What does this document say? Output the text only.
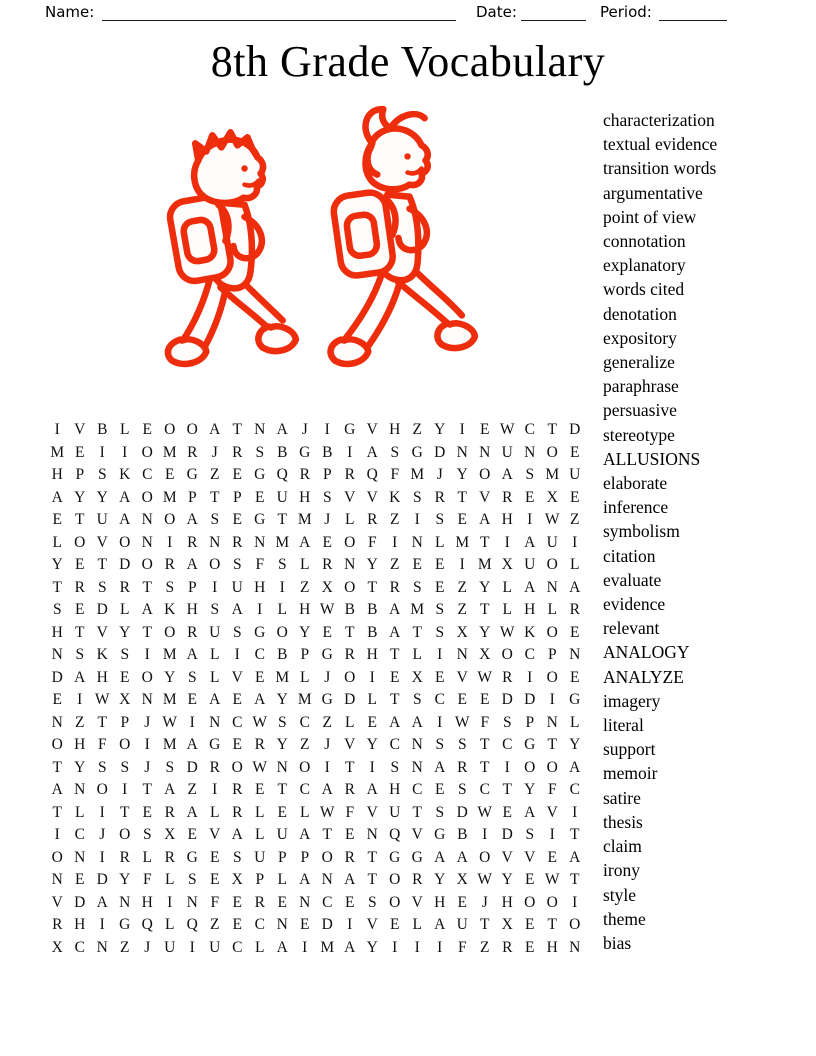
Name:	Date:	Period:
8th Grade Vocabulary
I V B L E O O A T N A J	I G V H Z Y I E W C T D
M E I	I O M R J R S B G B I A S G D N N U N O E
H P S K C E G Z E G Q R P R Q F M J Y O A S M U
A Y Y A O M P T P E U H S V V K S R T V R E X E
E T U A N O A S E G T M J L R Z I	S E A H I W Z
L O V O N I R N R N M A E O F	I N L M T I A U I
Y E T D O R A O S F S L R N Y Z E E I M X U O L
T R S R T S P	I U H I Z X O T R S E Z Y L A N A
S E D L A K H S A I L H W B B A M S Z T L H L R
H T V Y T O R U S G O Y E T B A T S X Y W K O E
N S K S	I M A L I C B P G R H T L I N X O C P N
D A H E O Y S L V E M L J O I E X E V W R I O E
E I W X N M E A E A Y M G D L T S C E E D D I G
N Z T P J W I N C W S C Z L E A A I W F S P N L
O H F O I M A G E R Y Z J V Y C N S S T C G T Y
T Y S S J S D R O W N O I T I	S N A R T I O O A
A N O I T A Z I R E T C A R A H C E S C T Y F C
T L I T E R A L R L E L W F V U T S D W E A V I
I C J O S X E V A L U A T E N Q V G B I D S	I T
O N I R L R G E S U P P O R T G G A A O V V E A
N E D Y F L S E X P L A N A T O R Y X W Y E W T
V D A N H I N F E R E N C E S O V H E J H O O I
R H I G Q L Q Z E C N E D I V E L A U T X E T O
X C N Z J U I U C L A I M A Y I	I	I	F Z R E H N
characterization
textual evidence
transition words
argumentative
point of view
connotation
explanatory
words cited
denotation
expository
generalize
paraphrase
persuasive
stereotype
ALLUSIONS
elaborate
inference
symbolism
citation
evaluate
evidence
relevant
ANALOGY
ANALYZE
imagery
literal
support
memoir
satire
thesis
claim
irony
style
theme
bias
